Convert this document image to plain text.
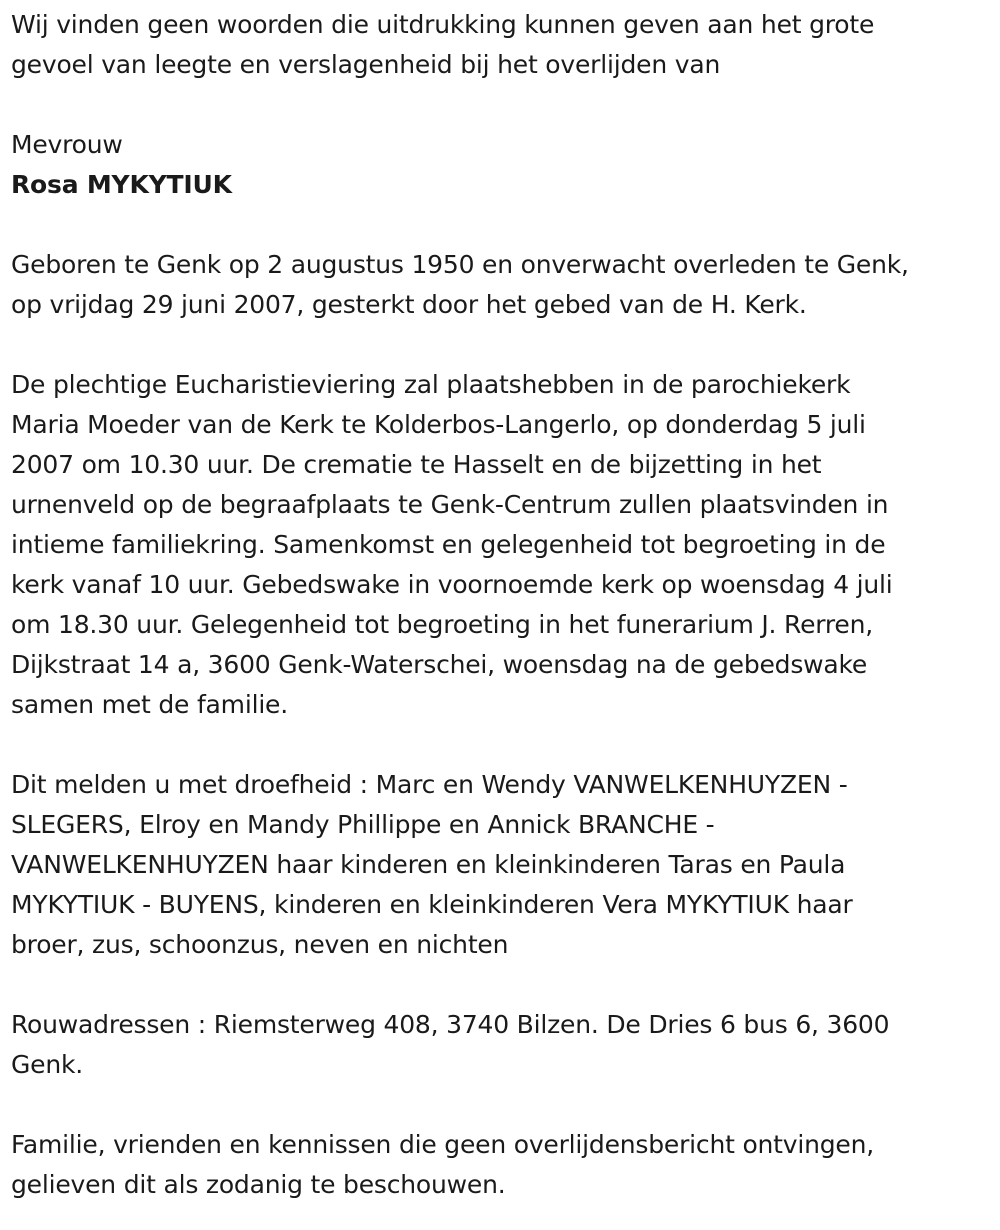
Wij vinden geen woorden die uitdrukking kunnen geven aan het grote
gevoel van leegte en verslagenheid bij het overlijden van
Mevrouw
Rosa MYKYTIUK
Geboren te Genk op 2 augustus 1950 en onverwacht overleden te Genk,
op vrijdag 29 juni 2007, gesterkt door het gebed van de H. Kerk.
De plechtige Eucharistieviering zal plaatshebben in de parochiekerk
Maria Moeder van de Kerk te Kolderbos-Langerlo, op donderdag 5 juli
2007 om 10.30 uur. De crematie te Hasselt en de bijzetting in het
urnenveld op de begraafplaats te Genk-Centrum zullen plaatsvinden in
intieme familiekring. Samenkomst en gelegenheid tot begroeting in de
kerk vanaf 10 uur. Gebedswake in voornoemde kerk op woensdag 4 juli
om 18.30 uur. Gelegenheid tot begroeting in het funerarium J. Rerren,
Dijkstraat 14 a, 3600 Genk-Waterschei, woensdag na de gebedswake
samen met de familie.
Dit melden u met droefheid : Marc en Wendy VANWELKENHUYZEN -
SLEGERS, Elroy en Mandy Phillippe en Annick BRANCHE -
VANWELKENHUYZEN haar kinderen en kleinkinderen Taras en Paula
MYKYTIUK - BUYENS, kinderen en kleinkinderen Vera MYKYTIUK haar
broer, zus, schoonzus, neven en nichten
Rouwadressen : Riemsterweg 408, 3740 Bilzen. De Dries 6 bus 6, 3600
Genk.
Familie, vrienden en kennissen die geen overlijdensbericht ontvingen,
gelieven dit als zodanig te beschouwen.
